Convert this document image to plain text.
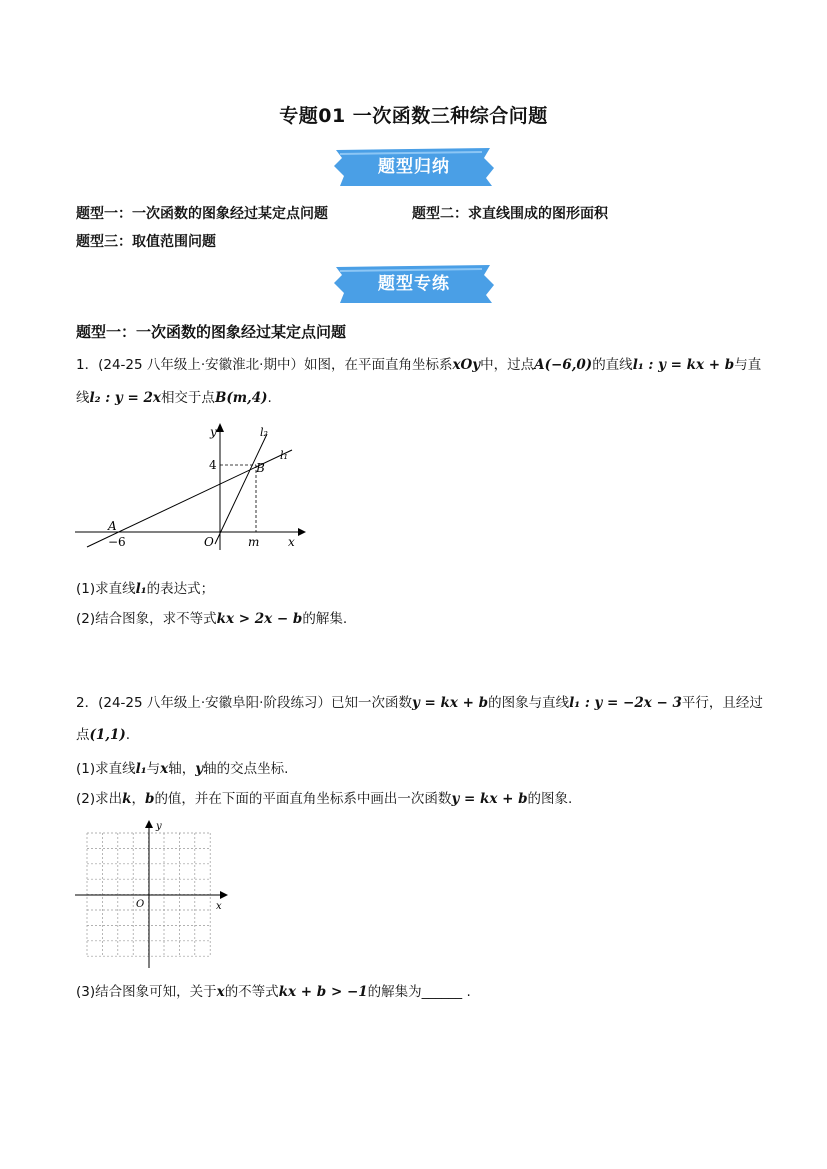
专题01 一次函数三种综合问题
题型归纳
题型一：一次函数的图象经过某定点问题	题型二：求直线围成的图形面积
题型三：取值范围问题
题型专练
题型一：一次函数的图象经过某定点问题
1．(24-25 八年级上·安徽淮北·期中）如图，在平面直角坐标系xOy中，过点A(−6,0)的直线l₁ : y = kx + b与直
线l₂ : y = 2x相交于点B(m,4).
y
x
O
4
−6	m
A
B
l₁
l₂
(1)求直线l₁的表达式；
(2)结合图象，求不等式kx > 2x − b的解集.
2．(24-25 八年级上·安徽阜阳·阶段练习）已知一次函数y = kx + b的图象与直线l₁ : y = −2x − 3平行，且经过
点(1,1).
(1)求直线l₁与x轴，y轴的交点坐标.
(2)求出k，b的值，并在下面的平面直角坐标系中画出一次函数y = kx + b的图象.
y
x
O
(3)结合图象可知，关于x的不等式kx + b > −1的解集为______ .
